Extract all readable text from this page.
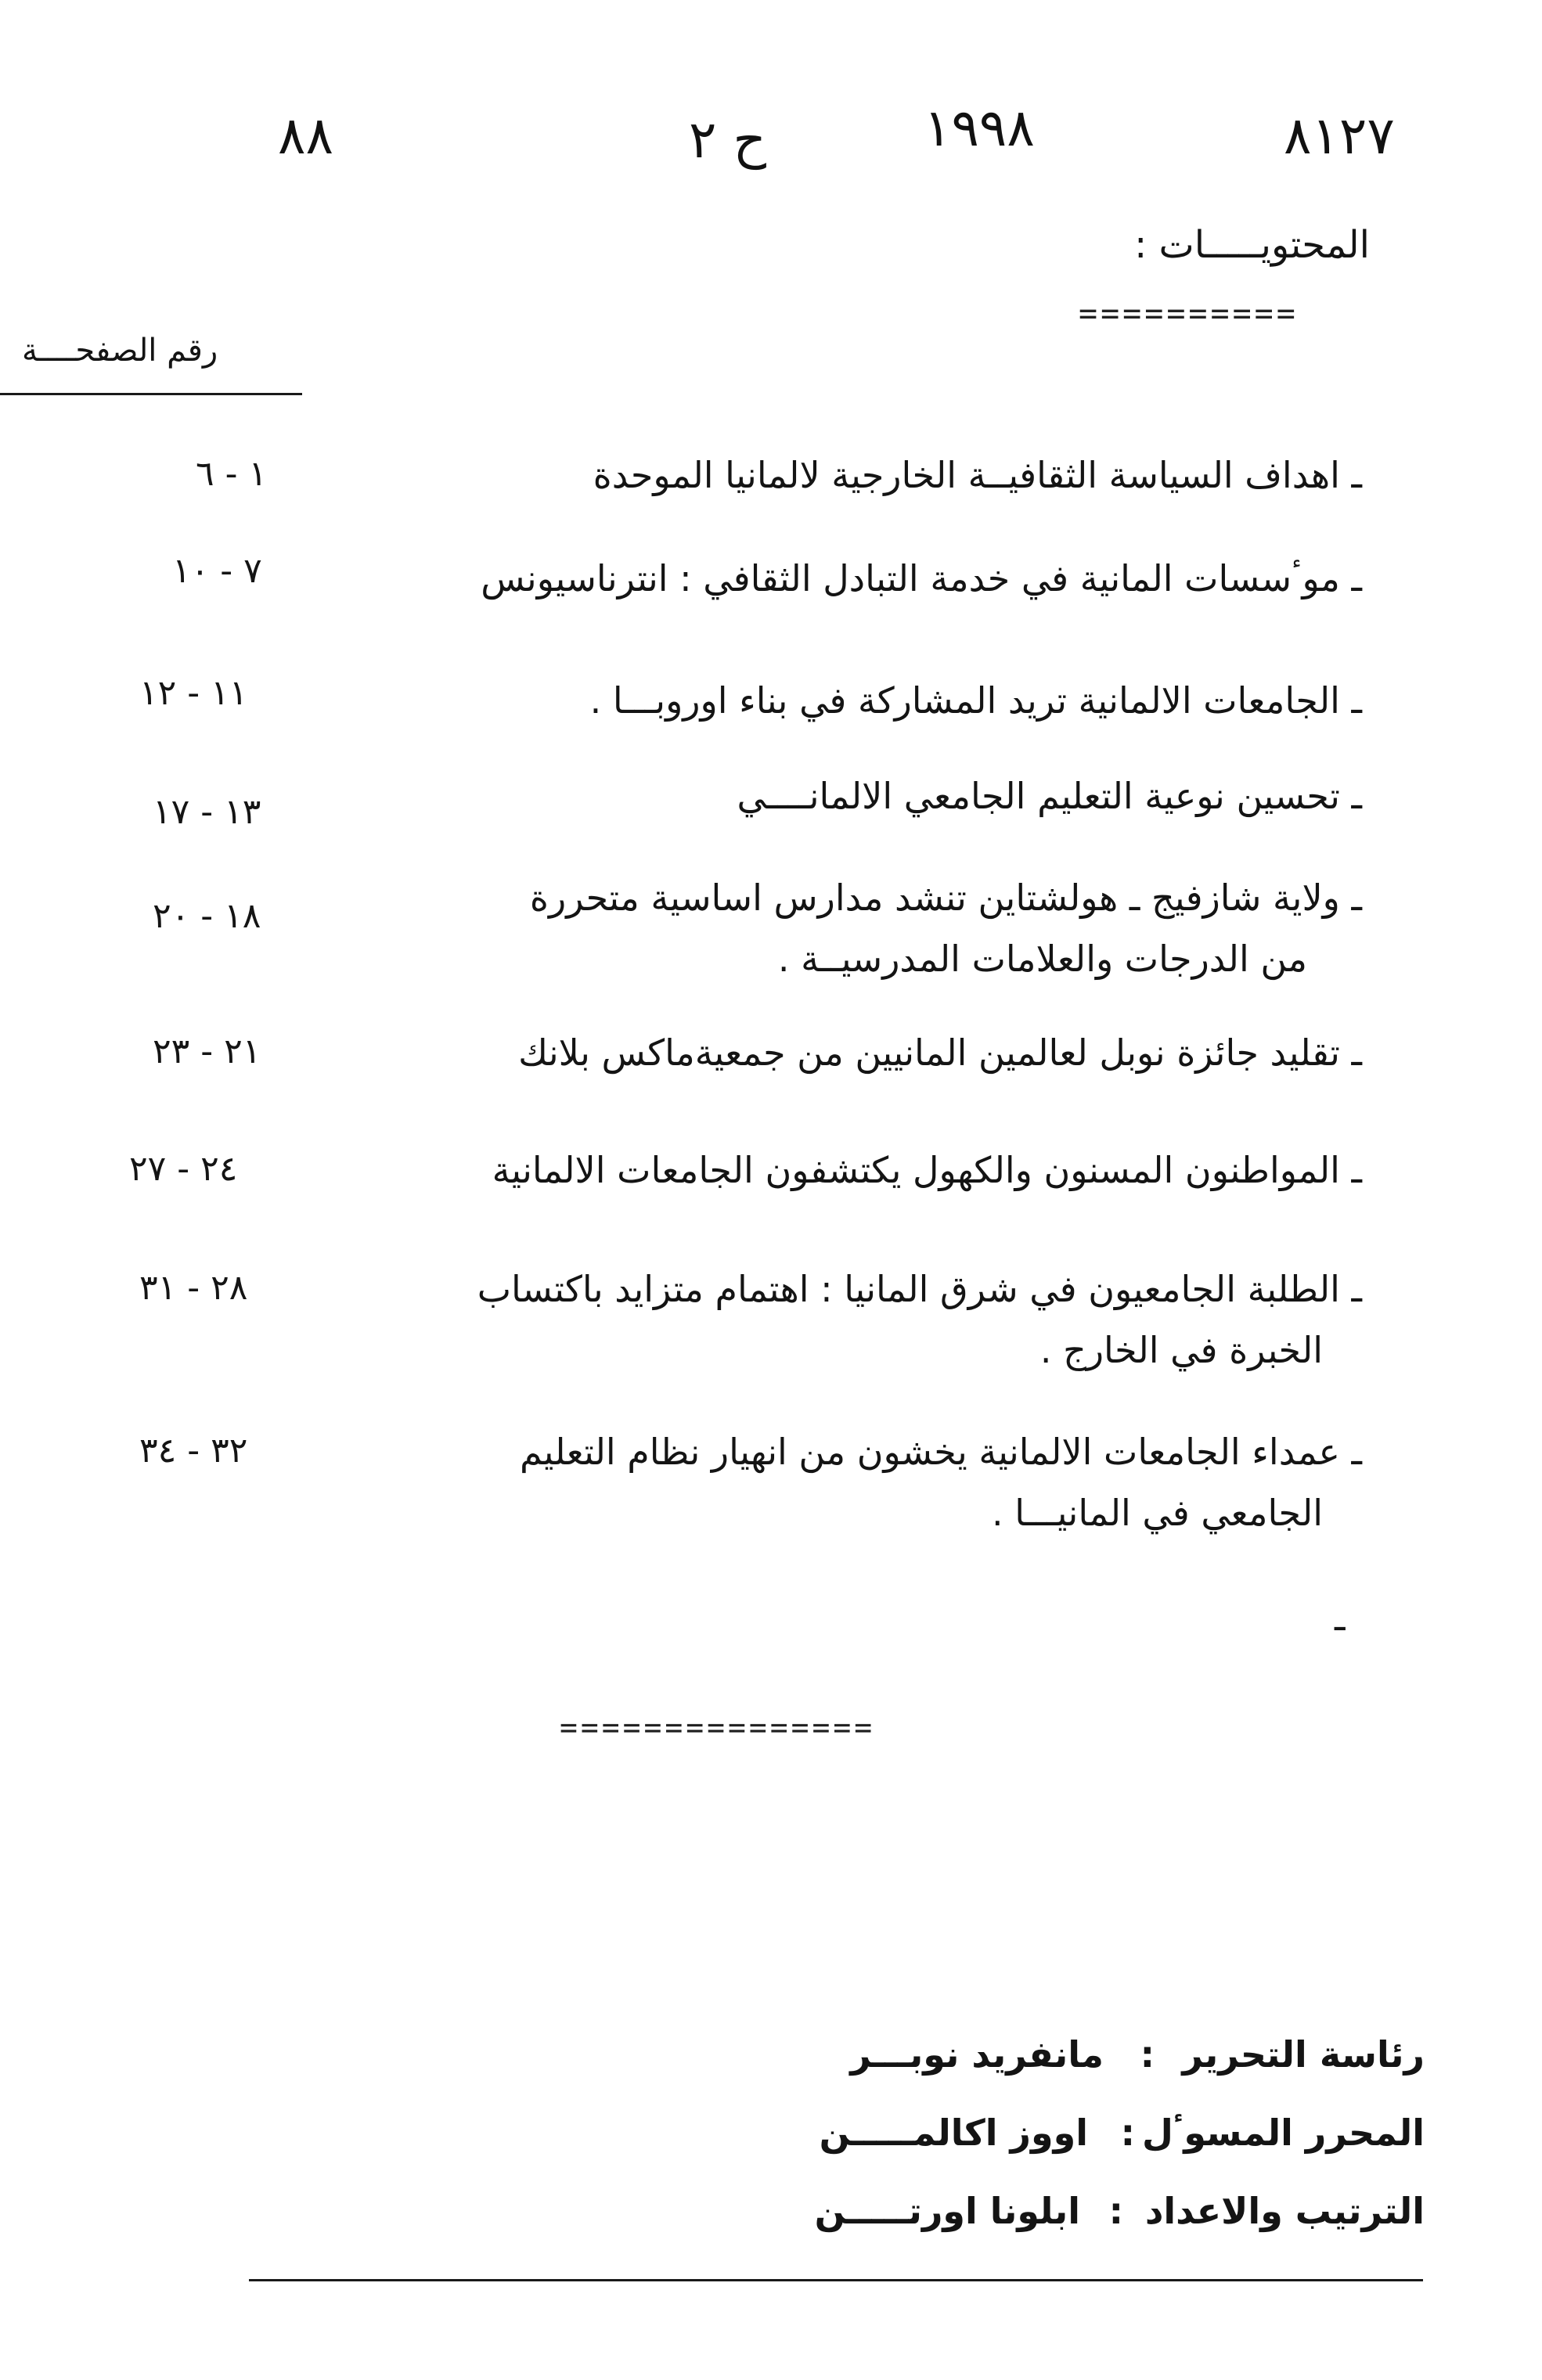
٨١٢٧
١٩٩٨
ح ٢
٨٨
المحتويـــــات :
==========
رقم الصفحــــة
ـ اهداف السياسة الثقافيــة الخارجية لالمانيا الموحدة
١ - ٦
ـ موٴسسات المانية في خدمة التبادل الثقافي : انترناسيونس
٧ - ١٠
ـ الجامعات الالمانية تريد المشاركة في بناء اوروبـــا .
١١ - ١٢
ـ تحسين نوعية التعليم الجامعي الالمانــــي
١٣ - ١٧
ـ ولاية شازفيج ـ هولشتاين تنشد مدارس اساسية متحررة
من الدرجات والعلامات المدرسيــة .
١٨ - ٢٠
ـ تقليد جائزة نوبل لعالمين المانيين من جمعيةماكس بلانك
٢١ - ٢٣
ـ المواطنون المسنون والكهول يكتشفون الجامعات الالمانية
٢٤ - ٢٧
ـ الطلبة الجامعيون في شرق المانيا : اهتمام متزايد باكتساب
الخبرة في الخارج .
٢٨ - ٣١
ـ عمداء الجامعات الالمانية يخشون من انهيار نظام التعليم
الجامعي في المانيـــا .
٣٢ - ٣٤
ـ
===============
رئاسة التحرير
:
مانفريد نوبـــر
المحرر المسوٴل
:
اووز اكالمـــــن
الترتيب والاعداد
:
ابلونا اورتـــــن
